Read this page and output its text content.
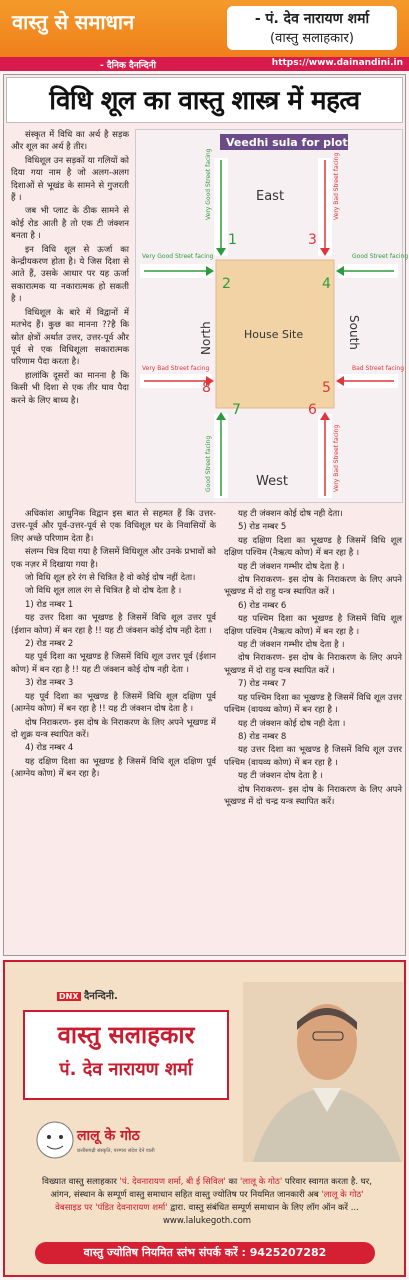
वास्तु से समाधान	- पं. देव नारायण शर्मा
(वास्तु सलाहकार)
- दैनिक दैनन्दिनी	https://www.dainandini.in
विधि शूल का वास्तु शास्त्र में महत्व

संस्कृत में विधि का अर्थ है सड़क और शूल का अर्थ है तीर।

विधिशूल उन सड़कों या गलियों को दिया गया नाम है जो अलग-अलग दिशाओं से भूखंड के सामने से गुजरती हैं ।

जब भी प्लाट के ठीक सामने से कोई रोड आती है तो एक टी जंक्शन बनता है ।

इन विधि शूल से ऊर्जा का केन्द्रीयकरण होता है। ये जिस दिशा से आते हैं, उसके आधार पर यह ऊर्जा सकारात्मक या नकारात्मक हो सकती है ।

विधिशूल के बारे में विद्वानों में मतभेद हैं। कुछ का मानना ??है कि स्रोत क्षेत्रों अर्थात उत्तर, उत्तर-पूर्व और पूर्व से एक विधिशूला सकारात्मक परिणाम पैदा करता है।

हालांकि दूसरों का मानना है कि किसी भी दिशा से एक तीर घाव पैदा करने के लिए बाध्य है।

Veedhi sula for plot
House Site
East
West
North	South
Very Good Street facing	Very Bad Street facing
Very Good Street facing
Very Bad Street facing
Good Street facing
Bad Street facing
Good Street facing	Very Bad Street facing
1
2
3
4
5
6
7
8

अधिकांश आधुनिक विद्वान इस बात से सहमत हैं कि उत्तर-उत्तर-पूर्व और पूर्व-उत्तर-पूर्व से एक विधिशूल घर के निवासियों के लिए अच्छे परिणाम देता है।

संलग्न चित्र दिया गया है जिसमें विधिशूल और उनके प्रभावों को एक नज़र में दिखाया गया है।

जो विधि शूल हरे रंग से चित्रित है वो कोई दोष नहीं देता।

जो विधि शूल लाल रंग से चित्रित है वो दोष देता है ।

1) रोड नम्बर 1

यह उत्तर दिशा का भूखण्ड है जिसमें विधि शूल उत्तर पूर्व (ईशान कोण) में बन रहा है !! यह टी जंक्शन कोई दोष नही देता ।

2) रोड नम्बर 2

यह पूर्व दिशा का भूखण्ड है जिसमें विधि शूल उत्तर पूर्व (ईशान कोण) में बन रहा है !! यह टी जंक्शन कोई दोष नही देता ।

3) रोड नम्बर 3

यह पूर्व दिशा का भूखण्ड है जिसमें विधि शूल दक्षिण पूर्व (आग्नेय कोण) में बन रहा है !! यह टी जंक्शन दोष देता है ।

दोष निराकरण- इस दोष के निराकरण के लिए अपने भूखण्ड में दो शुक्र यन्त्र स्थापित करें।

4) रोड नम्बर 4

यह दक्षिण दिशा का भूखण्ड है जिसमें विधि शूल दक्षिण पूर्व (आग्नेय कोण) में बन रहा है।

यह टी जंक्शन कोई दोष नही देता।

5) रोड नम्बर 5

यह दक्षिण दिशा का भूखण्ड है जिसमें विधि शूल दक्षिण पश्चिम (नैऋत्य कोण) में बन रहा है ।

यह टी जंक्शन गम्भीर दोष देता है ।

दोष निराकरण- इस दोष के निराकरण के लिए अपने भूखण्ड में दो राहु यन्त्र स्थापित करें ।

6) रोड नम्बर 6

यह पश्चिम दिशा का भूखण्ड है जिसमें विधि शूल दक्षिण पश्चिम (नैऋत्य कोण) में बन रहा है ।

यह टी जंक्शन गम्भीर दोष देता है ।

दोष निराकरण- इस दोष के निराकरण के लिए अपने भूखण्ड में दो राहु यन्त्र स्थापित करें ।

7) रोड नम्बर 7

यह पश्चिम दिशा का भूखण्ड है जिसमें विधि शूल उत्तर पश्चिम (वायव्य कोण) में बन रहा है ।

यह टी जंक्शन कोई दोष नही देता ।

8) रोड नम्बर 8

यह उत्तर दिशा का भूखण्ड है जिसमें विधि शूल उत्तर पश्चिम (वायव्य कोण) में बन रहा है ।

यह टी जंक्शन दोष देता है ।

दोष निराकरण- इस दोष के निराकरण के लिए अपने भूखण्ड में दो चन्द्र यन्त्र स्थापित करें।

DNX दैनन्दिनी.
वास्तु सलाहकार
पं. देव नारायण शर्मा
लालू के गोठ
छत्तीसगढ़ी संस्कृति, परम्परा संदेश देने वाली
विख्यात वास्तु सलाहकार 'पं. देवनारायण शर्मा, बी ई सिविल' का 'लालू के गोठ' परिवार स्वागत करता है. घर, आंगन, संस्थान के सम्पूर्ण वास्तु समाधान सहित वास्तु ज्योतिष पर नियमित जानकारी अब 'लालू के गोठ' वेबसाइड पर 'पंडित देवनारायण शर्मा' द्वारा. वास्तु संबंधित सम्पूर्ण समाधान के लिए लॉग ऑन करें ... www.lalukegoth.com
वास्तु ज्योतिष नियमित स्तंभ संपर्क करें : 9425207282
